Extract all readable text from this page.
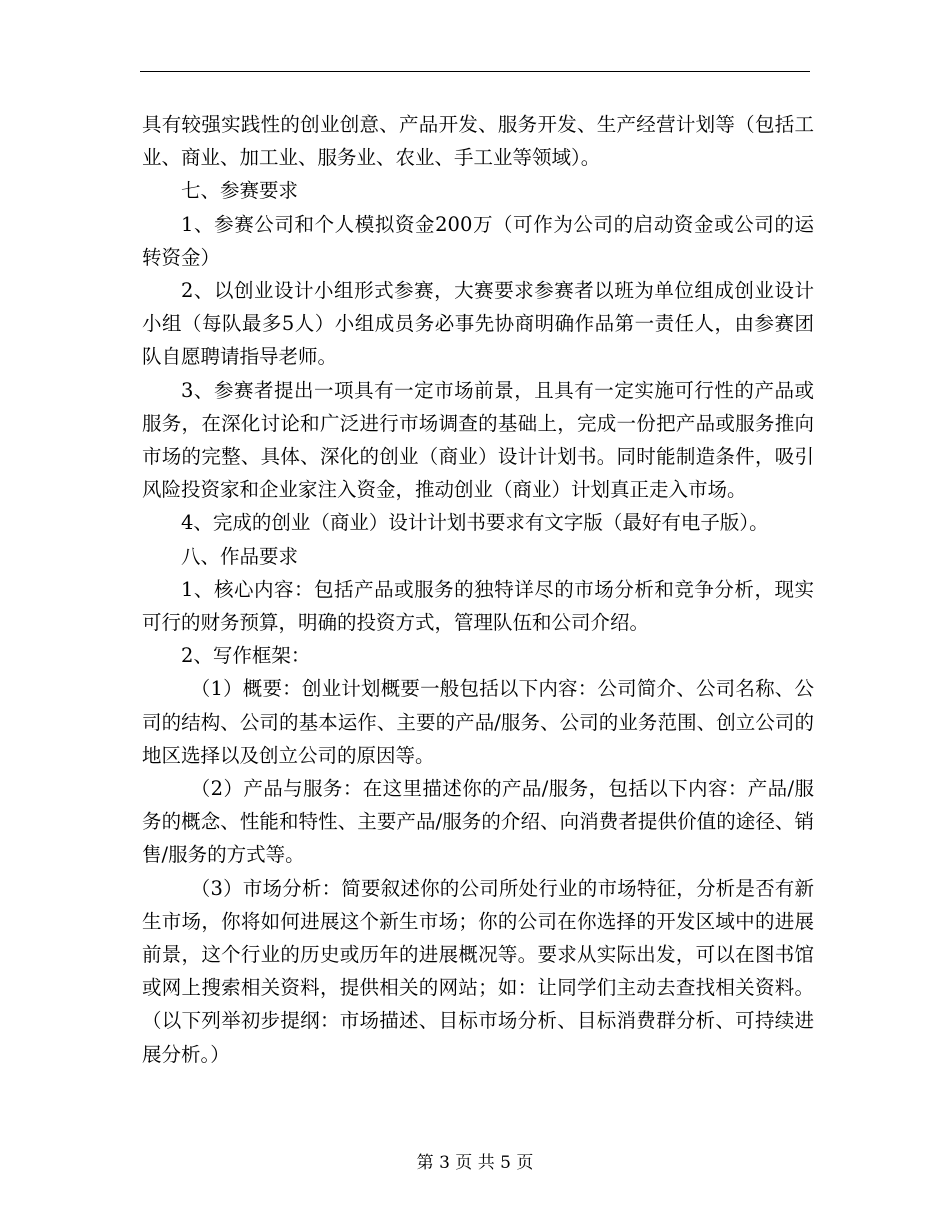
具有较强实践性的创业创意、产品开发、服务开发、生产经营计划等（包括工业、商业、加工业、服务业、农业、手工业等领域）。

七、参赛要求

1、参赛公司和个人模拟资金200万（可作为公司的启动资金或公司的运转资金）

2、以创业设计小组形式参赛，大赛要求参赛者以班为单位组成创业设计小组（每队最多5人）小组成员务必事先协商明确作品第一责任人，由参赛团队自愿聘请指导老师。

3、参赛者提出一项具有一定市场前景，且具有一定实施可行性的产品或服务，在深化讨论和广泛进行市场调查的基础上，完成一份把产品或服务推向市场的完整、具体、深化的创业（商业）设计计划书。同时能制造条件，吸引风险投资家和企业家注入资金，推动创业（商业）计划真正走入市场。

4、完成的创业（商业）设计计划书要求有文字版（最好有电子版）。

八、作品要求

1、核心内容：包括产品或服务的独特详尽的市场分析和竞争分析，现实可行的财务预算，明确的投资方式，管理队伍和公司介绍。

2、写作框架：

（1）概要：创业计划概要一般包括以下内容：公司简介、公司名称、公司的结构、公司的基本运作、主要的产品/服务、公司的业务范围、创立公司的地区选择以及创立公司的原因等。

（2）产品与服务：在这里描述你的产品/服务，包括以下内容：产品/服务的概念、性能和特性、主要产品/服务的介绍、向消费者提供价值的途径、销售/服务的方式等。

（3）市场分析：简要叙述你的公司所处行业的市场特征，分析是否有新生市场，你将如何进展这个新生市场；你的公司在你选择的开发区域中的进展前景，这个行业的历史或历年的进展概况等。要求从实际出发，可以在图书馆或网上搜索相关资料，提供相关的网站；如：让同学们主动去查找相关资料。（以下列举初步提纲：市场描述、目标市场分析、目标消费群分析、可持续进展分析。）

第 3 页 共 5 页
